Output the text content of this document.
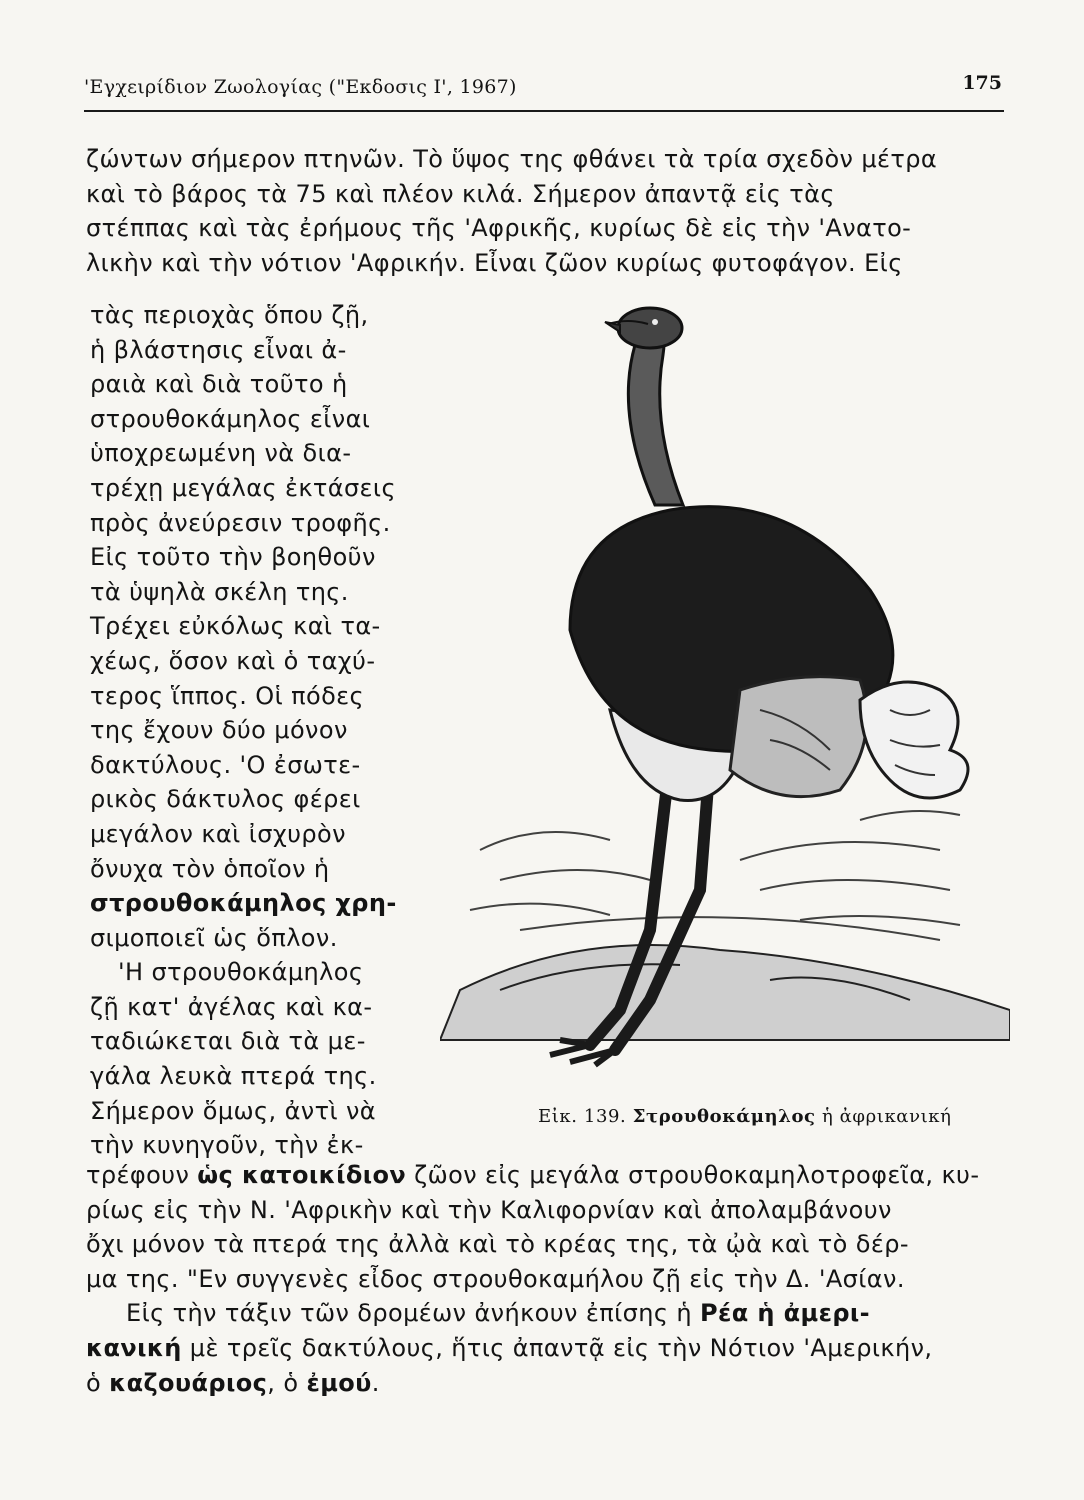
'Εγχειρίδιον Ζωολογίας ("Εκδοσις Ι', 1967)	175
ζώντων σήμερον πτηνῶν. Τὸ ὕψος της φθάνει τὰ τρία σχεδὸν μέτρα
καὶ τὸ βάρος τὰ 75 καὶ πλέον κιλά. Σήμερον ἀπαντᾷ εἰς τὰς
στέππας καὶ τὰς ἐρήμους τῆς 'Αφρικῆς, κυρίως δὲ εἰς τὴν 'Ανατο-
λικὴν καὶ τὴν νότιον 'Αφρικήν. Εἶναι ζῶον κυρίως φυτοφάγον. Εἰς
τὰς περιοχὰς ὅπου ζῇ,
ἡ βλάστησις εἶναι ἀ-
ραιὰ καὶ διὰ τοῦτο ἡ
στρουθοκάμηλος εἶναι
ὑποχρεωμένη νὰ δια-
τρέχῃ μεγάλας ἐκτάσεις
πρὸς ἀνεύρεσιν τροφῆς.
Εἰς τοῦτο τὴν βοηθοῦν
τὰ ὑψηλὰ σκέλη της.
Τρέχει εὐκόλως καὶ τα-
χέως, ὅσον καὶ ὁ ταχύ-
τερος ἵππος. Οἱ πόδες
της ἔχουν δύο μόνον
δακτύλους. 'Ο ἐσωτε-
ρικὸς δάκτυλος φέρει
μεγάλον καὶ ἰσχυρὸν
ὄνυχα τὸν ὁποῖον ἡ
στρουθοκάμηλος χρη-
σιμοποιεῖ ὡς ὅπλον.
'Η στρουθοκάμηλος
ζῇ κατ' ἀγέλας καὶ κα-
ταδιώκεται διὰ τὰ με-
γάλα λευκὰ πτερά της.
Σήμερον ὅμως, ἀντὶ νὰ
τὴν κυνηγοῦν, τὴν ἐκ-
Εἰκ. 139. Στρουθοκάμηλος ἡ ἀφρικανική
τρέφουν ὡς κατοικίδιον ζῶον εἰς μεγάλα στρουθοκαμηλοτροφεῖα, κυ-
ρίως εἰς τὴν Ν. 'Αφρικὴν καὶ τὴν Καλιφορνίαν καὶ ἀπολαμβάνουν
ὄχι μόνον τὰ πτερά της ἀλλὰ καὶ τὸ κρέας της, τὰ ᾠὰ καὶ τὸ δέρ-
μα της. "Εν συγγενὲς εἶδος στρουθοκαμήλου ζῇ εἰς τὴν Δ. 'Ασίαν.
Εἰς τὴν τάξιν τῶν δρομέων ἀνήκουν ἐπίσης ἡ Ρέα ἡ ἀμερι-
κανική μὲ τρεῖς δακτύλους, ἥτις ἀπαντᾷ εἰς τὴν Νότιον 'Αμερικήν,
ὁ καζουάριος, ὁ ἐμού.
